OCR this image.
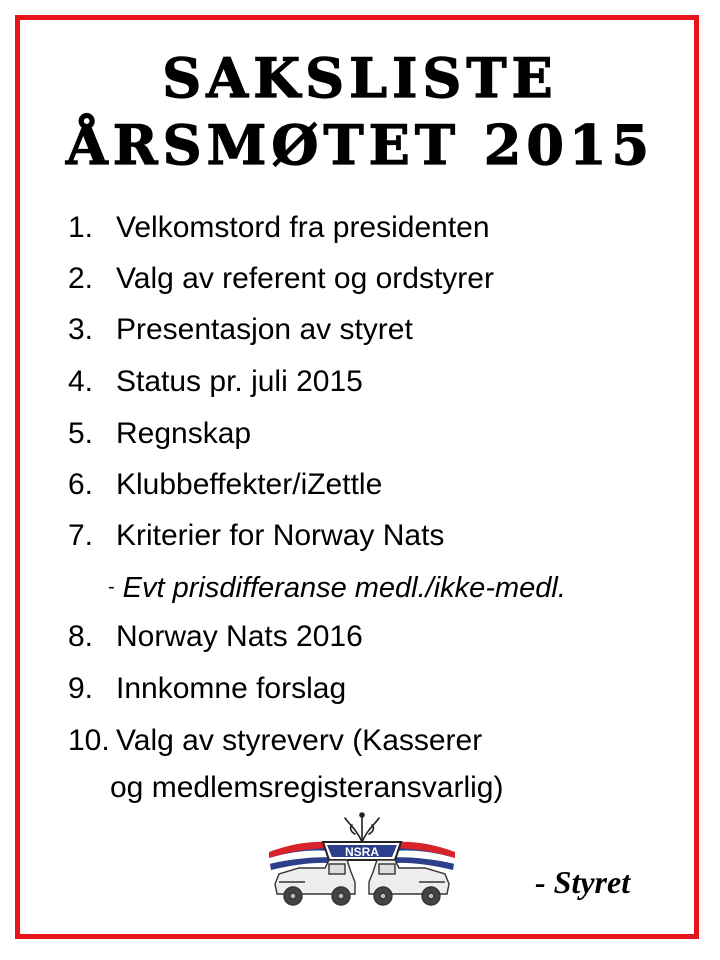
SAKSLISTE
ÅRSMØTET 2015
1. Velkomstord fra presidenten
2. Valg av referent og ordstyrer
3. Presentasjon av styret
4. Status pr. juli 2015
5. Regnskap
6. Klubbeffekter/iZettle
7. Kriterier for Norway Nats
- Evt prisdifferanse medl./ikke-medl.
8. Norway Nats 2016
9. Innkomne forslag
10. Valg av styreverv (Kasserer
og medlemsregisteransvarlig)
NSRA
- Styret
